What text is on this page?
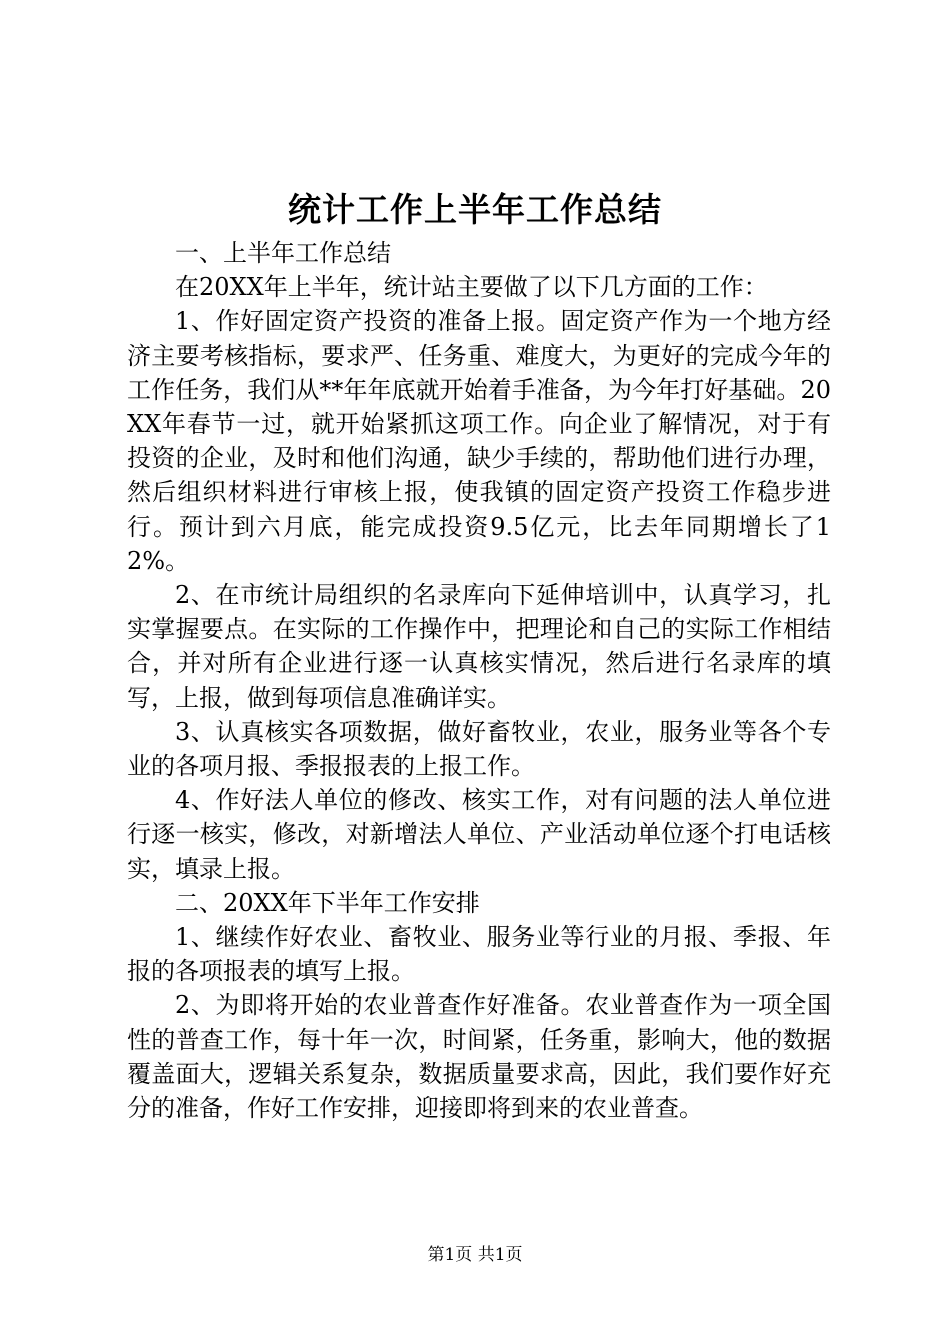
统计工作上半年工作总结

一、上半年工作总结

在20XX年上半年，统计站主要做了以下几方面的工作：

1、作好固定资产投资的准备上报。固定资产作为一个地方经济主要考核指标，要求严、任务重、难度大，为更好的完成今年的工作任务，我们从**年年底就开始着手准备，为今年打好基础。20XX年春节一过，就开始紧抓这项工作。向企业了解情况，对于有投资的企业，及时和他们沟通，缺少手续的，帮助他们进行办理，然后组织材料进行审核上报，使我镇的固定资产投资工作稳步进行。预计到六月底，能完成投资9.5亿元，比去年同期增长了12%。

2、在市统计局组织的名录库向下延伸培训中，认真学习，扎实掌握要点。在实际的工作操作中，把理论和自己的实际工作相结合，并对所有企业进行逐一认真核实情况，然后进行名录库的填写，上报，做到每项信息准确详实。

3、认真核实各项数据，做好畜牧业，农业，服务业等各个专业的各项月报、季报报表的上报工作。

4、作好法人单位的修改、核实工作，对有问题的法人单位进行逐一核实，修改，对新增法人单位、产业活动单位逐个打电话核实，填录上报。

二、20XX年下半年工作安排

1、继续作好农业、畜牧业、服务业等行业的月报、季报、年报的各项报表的填写上报。

2、为即将开始的农业普查作好准备。农业普查作为一项全国性的普查工作，每十年一次，时间紧，任务重，影响大，他的数据覆盖面大，逻辑关系复杂，数据质量要求高，因此，我们要作好充分的准备，作好工作安排，迎接即将到来的农业普查。

第1页 共1页
